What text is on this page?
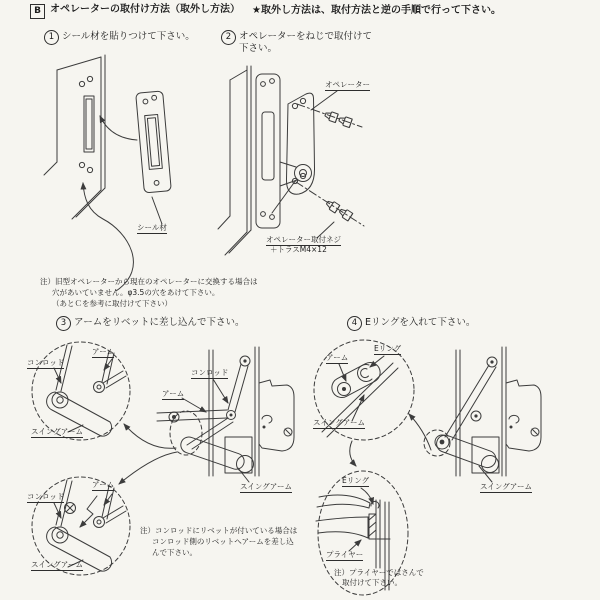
B オペレーターの取付け方法（取外し方法） ★取外し方法は、取付方法と逆の手順で行って下さい。
1 シール材を貼りつけて下さい。
シール材
注）旧型オペレーターから現在のオペレーターに交換する場合は
穴があいていません。φ3.5の穴をあけて下さい。
（あとＣを参考に取付けて下さい）
2 オペレーターをねじで取付けて
下さい。
オペレーター
オペレーター取付ネジ
＋トラスM4×12
3 アームをリベットに差し込んで下さい。
コンロッド
アーム
スイングアーム
コンロッド
アーム
スイングアーム
コンロッド
アーム
スイングアーム
注）コンロッドにリベットが付いている場合は
コンロッド側のリベットへアームを差し込
んで下さい。
4 Eリングを入れて下さい。
アーム
Eリング
スイングアーム
スイングアーム
Eリング
プライヤー
注）プライヤーではさんで
取付けて下さい。
